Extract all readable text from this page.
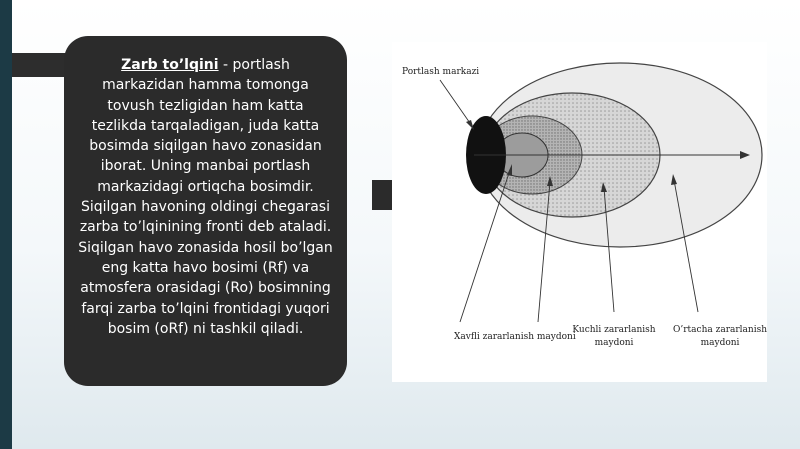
Zarb to’lqini - portlash markazidan hamma tomonga tovush tezligidan ham katta tezlikda tarqaladigan, juda katta bosimda siqilgan havo zonasidan iborat. Uning manbai portlash markazidagi ortiqcha bosimdir. Siqilgan havoning oldingi chegarasi zarba to’lqinining fronti deb ataladi. Siqilgan havo zonasida hosil bo’lgan eng katta havo bosimi (Rf) va atmosfera orasidagi (Ro) bosimning farqi zarba to’lqini frontidagi yuqori bosim (oRf) ni tashkil qiladi.
Portlash markazi
Xavfli zararlanish maydoni
Kuchli zararlanish
maydoni
O’rtacha zararlanish
maydoni
